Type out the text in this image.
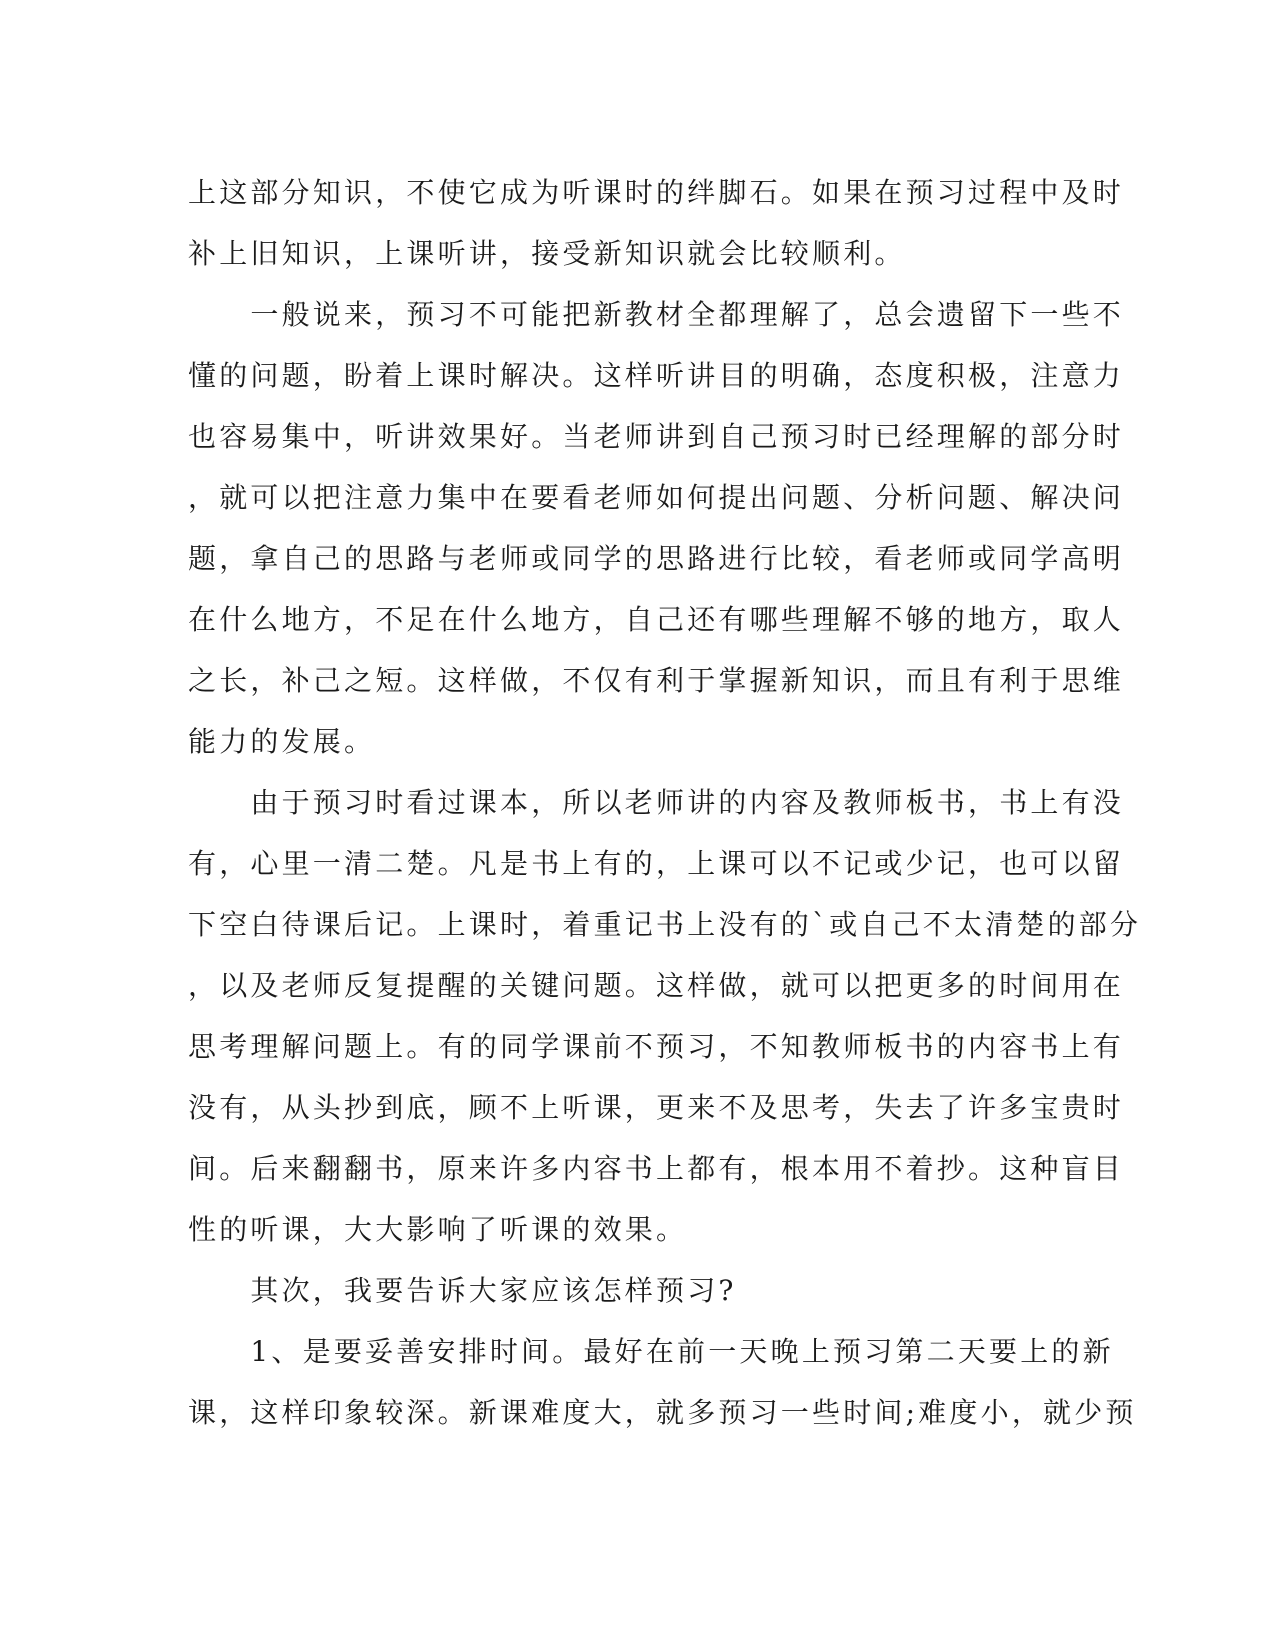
上这部分知识，不使它成为听课时的绊脚石。如果在预习过程中及时
补上旧知识，上课听讲，接受新知识就会比较顺利。
　　一般说来，预习不可能把新教材全都理解了，总会遗留下一些不
懂的问题，盼着上课时解决。这样听讲目的明确，态度积极，注意力
也容易集中，听讲效果好。当老师讲到自己预习时已经理解的部分时
，就可以把注意力集中在要看老师如何提出问题、分析问题、解决问
题，拿自己的思路与老师或同学的思路进行比较，看老师或同学高明
在什么地方，不足在什么地方，自己还有哪些理解不够的地方，取人
之长，补己之短。这样做，不仅有利于掌握新知识，而且有利于思维
能力的发展。
　　由于预习时看过课本，所以老师讲的内容及教师板书，书上有没
有，心里一清二楚。凡是书上有的，上课可以不记或少记，也可以留
下空白待课后记。上课时，着重记书上没有的`或自己不太清楚的部分
，以及老师反复提醒的关键问题。这样做，就可以把更多的时间用在
思考理解问题上。有的同学课前不预习，不知教师板书的内容书上有
没有，从头抄到底，顾不上听课，更来不及思考，失去了许多宝贵时
间。后来翻翻书，原来许多内容书上都有，根本用不着抄。这种盲目
性的听课，大大影响了听课的效果。
　　其次，我要告诉大家应该怎样预习?
　　1、是要妥善安排时间。最好在前一天晚上预习第二天要上的新
课，这样印象较深。新课难度大，就多预习一些时间;难度小，就少预
